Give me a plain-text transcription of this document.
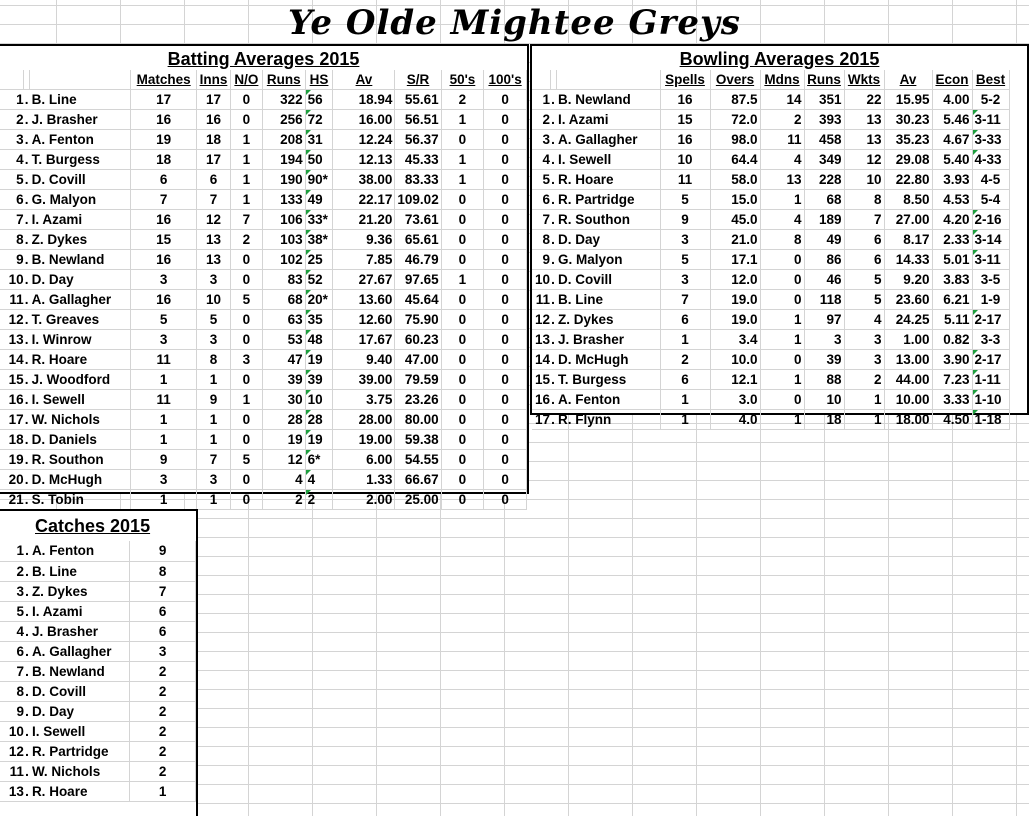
Ye Olde Mightee Greys
Batting Averages 2015
			Matches	Inns	N/O	Runs	HS	Av	S/R	50's	100's
1	.	B. Line	17	17	0	322	56	18.94	55.61	2	0
2	.	J. Brasher	16	16	0	256	72	16.00	56.51	1	0
3	.	A. Fenton	19	18	1	208	31	12.24	56.37	0	0
4	.	T. Burgess	18	17	1	194	50	12.13	45.33	1	0
5	.	D. Covill	6	6	1	190	90*	38.00	83.33	1	0
6	.	G. Malyon	7	7	1	133	49	22.17	109.02	0	0
7	.	I. Azami	16	12	7	106	33*	21.20	73.61	0	0
8	.	Z. Dykes	15	13	2	103	38*	9.36	65.61	0	0
9	.	B. Newland	16	13	0	102	25	7.85	46.79	0	0
10	.	D. Day	3	3	0	83	52	27.67	97.65	1	0
11	.	A. Gallagher	16	10	5	68	20*	13.60	45.64	0	0
12	.	T. Greaves	5	5	0	63	35	12.60	75.90	0	0
13	.	I. Winrow	3	3	0	53	48	17.67	60.23	0	0
14	.	R. Hoare	11	8	3	47	19	9.40	47.00	0	0
15	.	J. Woodford	1	1	0	39	39	39.00	79.59	0	0
16	.	I. Sewell	11	9	1	30	10	3.75	23.26	0	0
17	.	W. Nichols	1	1	0	28	28	28.00	80.00	0	0
18	.	D. Daniels	1	1	0	19	19	19.00	59.38	0	0
19	.	R. Southon	9	7	5	12	6*	6.00	54.55	0	0
20	.	D. McHugh	3	3	0	4	4	1.33	66.67	0	0
21	.	S. Tobin	1	1	0	2	2	2.00	25.00	0	0
Bowling Averages 2015
			Spells	Overs	Mdns	Runs	Wkts	Av	Econ	Best
1	.	B. Newland	16	87.5	14	351	22	15.95	4.00	5-2
2	.	I. Azami	15	72.0	2	393	13	30.23	5.46	3-11
3	.	A. Gallagher	16	98.0	11	458	13	35.23	4.67	3-33
4	.	I. Sewell	10	64.4	4	349	12	29.08	5.40	4-33
5	.	R. Hoare	11	58.0	13	228	10	22.80	3.93	4-5
6	.	R. Partridge	5	15.0	1	68	8	8.50	4.53	5-4
7	.	R. Southon	9	45.0	4	189	7	27.00	4.20	2-16
8	.	D. Day	3	21.0	8	49	6	8.17	2.33	3-14
9	.	G. Malyon	5	17.1	0	86	6	14.33	5.01	3-11
10	.	D. Covill	3	12.0	0	46	5	9.20	3.83	3-5
11	.	B. Line	7	19.0	0	118	5	23.60	6.21	1-9
12	.	Z. Dykes	6	19.0	1	97	4	24.25	5.11	2-17
13	.	J. Brasher	1	3.4	1	3	3	1.00	0.82	3-3
14	.	D. McHugh	2	10.0	0	39	3	13.00	3.90	2-17
15	.	T. Burgess	6	12.1	1	88	2	44.00	7.23	1-11
16	.	A. Fenton	1	3.0	0	10	1	10.00	3.33	1-10
17	.	R. Flynn	1	4.0	1	18	1	18.00	4.50	1-18
Catches 2015
1	.	A. Fenton	9
2	.	B. Line	8
3	.	Z. Dykes	7
5	.	I. Azami	6
4	.	J. Brasher	6
6	.	A. Gallagher	3
7	.	B. Newland	2
8	.	D. Covill	2
9	.	D. Day	2
10	.	I. Sewell	2
12	.	R. Partridge	2
11	.	W. Nichols	2
13	.	R. Hoare	1
